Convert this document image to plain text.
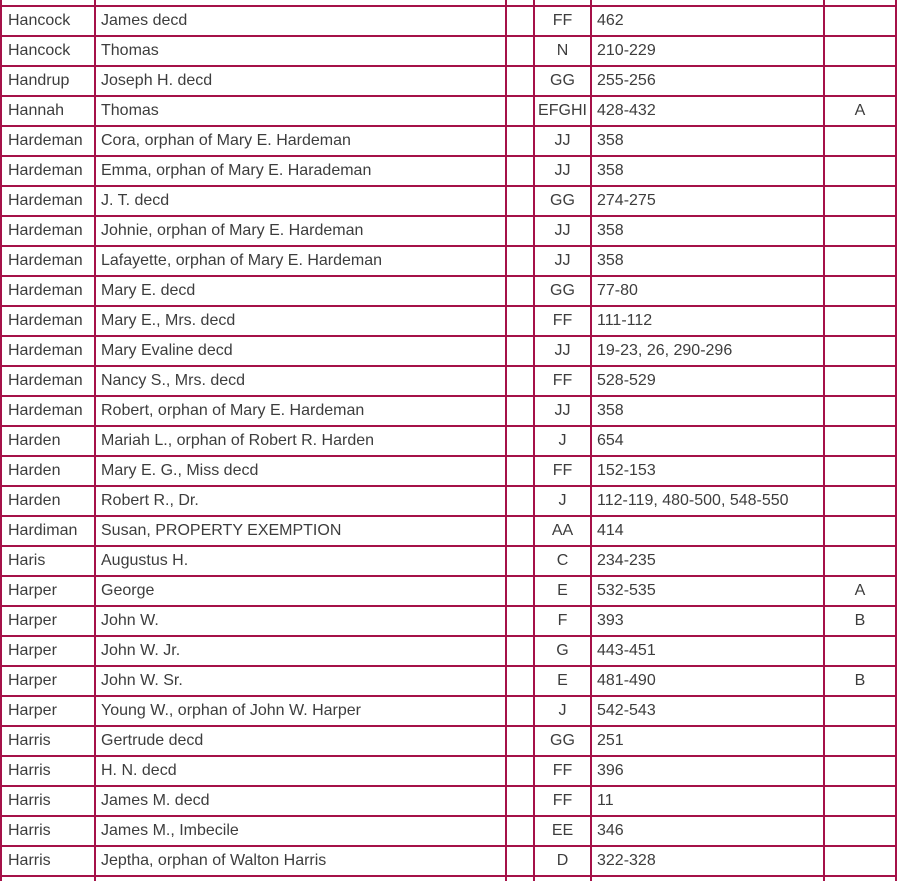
Hancock	James decd	FF	462
Hancock	Thomas	N	210-229
Handrup	Joseph H. decd	GG	255-256
Hannah	Thomas	EFGHI 428-432	A
Hardeman	Cora, orphan of Mary E. Hardeman	JJ	358
Hardeman	Emma, orphan of Mary E. Harademan	JJ	358
Hardeman	J. T. decd	GG	274-275
Hardeman	Johnie, orphan of Mary E. Hardeman	JJ	358
Hardeman	Lafayette, orphan of Mary E. Hardeman	JJ	358
Hardeman	Mary E. decd	GG	77-80
Hardeman	Mary E., Mrs. decd	FF	111-112
Hardeman	Mary Evaline decd	JJ	19-23, 26, 290-296
Hardeman	Nancy S., Mrs. decd	FF	528-529
Hardeman	Robert, orphan of Mary E. Hardeman	JJ	358
Harden	Mariah L., orphan of Robert R. Harden	J	654
Harden	Mary E. G., Miss decd	FF	152-153
Harden	Robert R., Dr.	J	112-119, 480-500, 548-550
Hardiman	Susan, PROPERTY EXEMPTION	AA	414
Haris	Augustus H.	C	234-235
Harper	George	E	532-535	A
Harper	John W.	F	393	B
Harper	John W. Jr.	G	443-451
Harper	John W. Sr.	E	481-490	B
Harper	Young W., orphan of John W. Harper	J	542-543
Harris	Gertrude decd	GG	251
Harris	H. N. decd	FF	396
Harris	James M. decd	FF	11
Harris	James M., Imbecile	EE	346
Harris	Jeptha, orphan of Walton Harris	D	322-328
